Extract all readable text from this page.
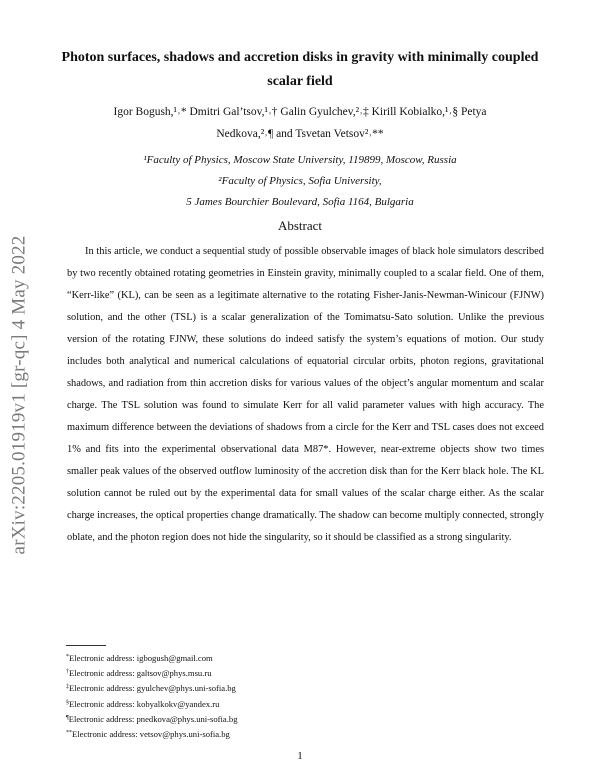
arXiv:2205.01919v1 [gr-qc] 4 May 2022
Photon surfaces, shadows and accretion disks in gravity with minimally coupled scalar field
Igor Bogush,¹˒* Dmitri Gal’tsov,¹˒† Galin Gyulchev,²˒‡ Kirill Kobialko,¹˒§ Petya Nedkova,²˒¶ and Tsvetan Vetsov²˒**
¹Faculty of Physics, Moscow State University, 119899, Moscow, Russia
²Faculty of Physics, Sofia University,
5 James Bourchier Boulevard, Sofia 1164, Bulgaria
Abstract
In this article, we conduct a sequential study of possible observable images of black hole simulators described by two recently obtained rotating geometries in Einstein gravity, minimally coupled to a scalar field. One of them, “Kerr-like” (KL), can be seen as a legitimate alternative to the rotating Fisher-Janis-Newman-Winicour (FJNW) solution, and the other (TSL) is a scalar generalization of the Tomimatsu-Sato solution. Unlike the previous version of the rotating FJNW, these solutions do indeed satisfy the system’s equations of motion. Our study includes both analytical and numerical calculations of equatorial circular orbits, photon regions, gravitational shadows, and radiation from thin accretion disks for various values of the object’s angular momentum and scalar charge. The TSL solution was found to simulate Kerr for all valid parameter values with high accuracy. The maximum difference between the deviations of shadows from a circle for the Kerr and TSL cases does not exceed 1% and fits into the experimental observational data M87*. However, near-extreme objects show two times smaller peak values of the observed outflow luminosity of the accretion disk than for the Kerr black hole. The KL solution cannot be ruled out by the experimental data for small values of the scalar charge either. As the scalar charge increases, the optical properties change dramatically. The shadow can become multiply connected, strongly oblate, and the photon region does not hide the singularity, so it should be classified as a strong singularity.
*Electronic address: igbogush@gmail.com
†Electronic address: galtsov@phys.msu.ru
‡Electronic address: gyulchev@phys.uni-sofia.bg
§Electronic address: kobyalkokv@yandex.ru
¶Electronic address: pnedkova@phys.uni-sofia.bg
**Electronic address: vetsov@phys.uni-sofia.bg
1
